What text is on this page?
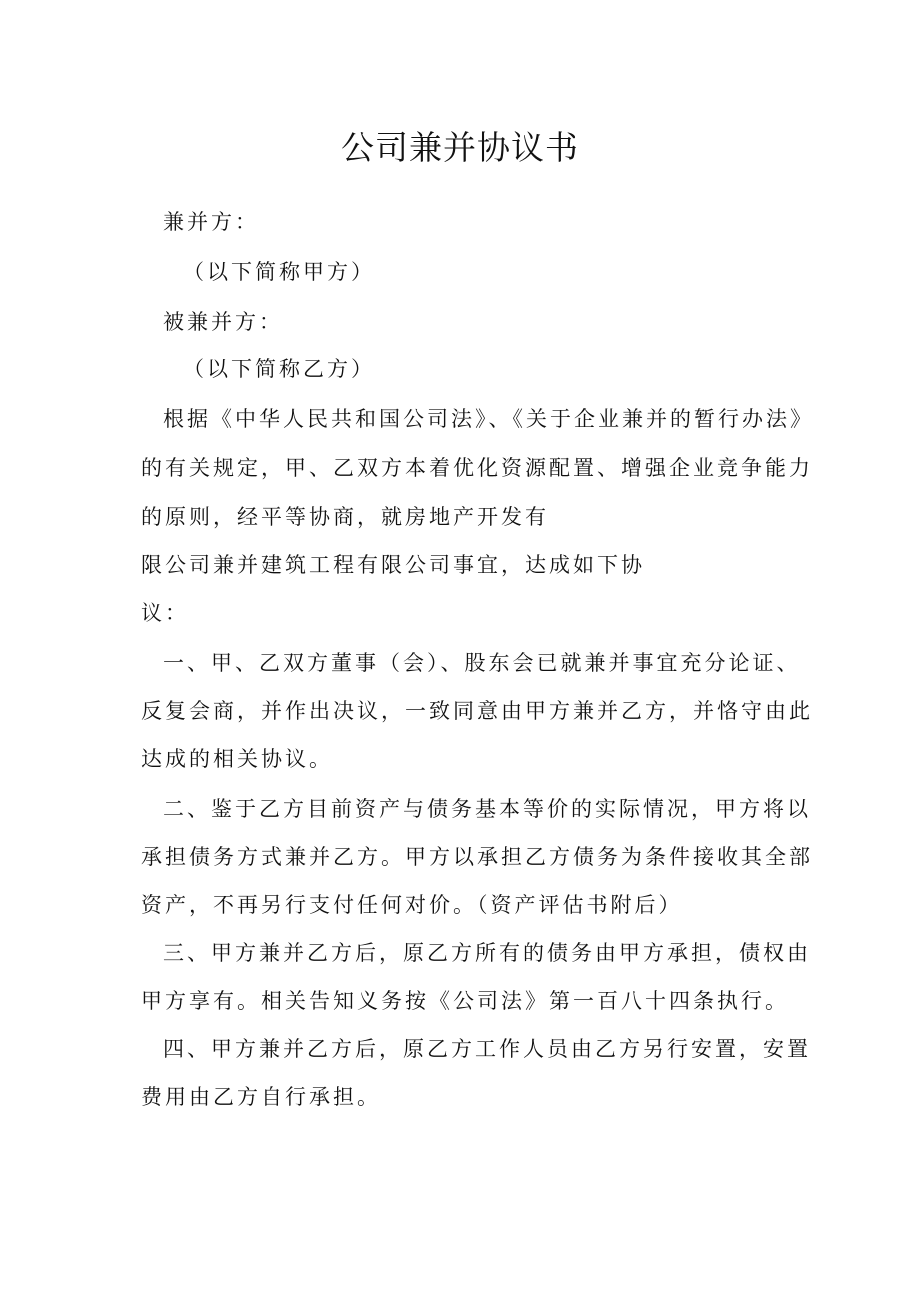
公司兼并协议书
兼并方：
（以下简称甲方）
被兼并方：
（以下简称乙方）
根据《中华人民共和国公司法》、《关于企业兼并的暂行办法》
的有关规定，甲、乙双方本着优化资源配置、增强企业竞争能力
的原则，经平等协商，就房地产开发有
限公司兼并建筑工程有限公司事宜，达成如下协
议：
一、甲、乙双方董事（会）、股东会已就兼并事宜充分论证、
反复会商，并作出决议，一致同意由甲方兼并乙方，并恪守由此
达成的相关协议。
二、鉴于乙方目前资产与债务基本等价的实际情况，甲方将以
承担债务方式兼并乙方。甲方以承担乙方债务为条件接收其全部
资产，不再另行支付任何对价。（资产评估书附后）
三、甲方兼并乙方后，原乙方所有的债务由甲方承担，债权由
甲方享有。相关告知义务按《公司法》第一百八十四条执行。
四、甲方兼并乙方后，原乙方工作人员由乙方另行安置，安置
费用由乙方自行承担。
